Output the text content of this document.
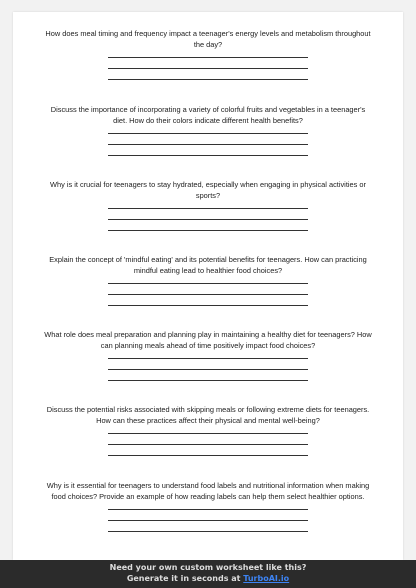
How does meal timing and frequency impact a teenager's energy levels and metabolism throughout the day?
Discuss the importance of incorporating a variety of colorful fruits and vegetables in a teenager's diet. How do their colors indicate different health benefits?
Why is it crucial for teenagers to stay hydrated, especially when engaging in physical activities or sports?
Explain the concept of 'mindful eating' and its potential benefits for teenagers. How can practicing mindful eating lead to healthier food choices?
What role does meal preparation and planning play in maintaining a healthy diet for teenagers? How can planning meals ahead of time positively impact food choices?
Discuss the potential risks associated with skipping meals or following extreme diets for teenagers. How can these practices affect their physical and mental well-being?
Why is it essential for teenagers to understand food labels and nutritional information when making food choices? Provide an example of how reading labels can help them select healthier options.
Need your own custom worksheet like this?
Generate it in seconds at TurboAI.io
